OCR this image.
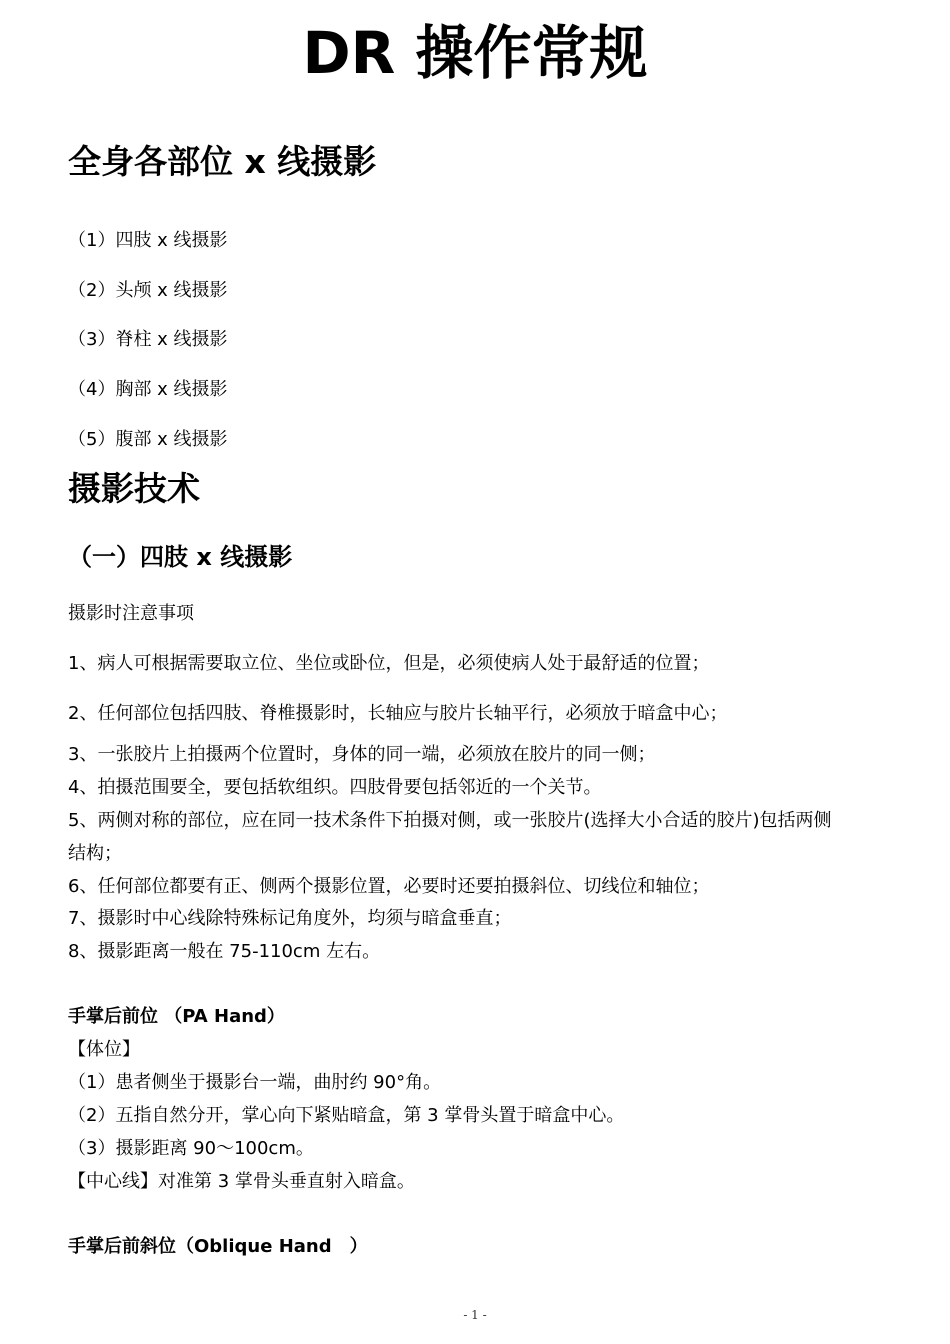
DR 操作常规
全身各部位 x 线摄影
（1）四肢 x 线摄影
（2）头颅 x 线摄影
（3）脊柱 x 线摄影
（4）胸部 x 线摄影
（5）腹部 x 线摄影
摄影技术
（一）四肢 x 线摄影
摄影时注意事项
1、病人可根据需要取立位、坐位或卧位，但是，必须使病人处于最舒适的位置；
2、任何部位包括四肢、脊椎摄影时，长轴应与胶片长轴平行，必须放于暗盒中心；
3、一张胶片上拍摄两个位置时，身体的同一端，必须放在胶片的同一侧；
4、拍摄范围要全，要包括软组织。四肢骨要包括邻近的一个关节。
5、两侧对称的部位，应在同一技术条件下拍摄对侧，或一张胶片(选择大小合适的胶片)包括两侧
结构；
6、任何部位都要有正、侧两个摄影位置，必要时还要拍摄斜位、切线位和轴位；
7、摄影时中心线除特殊标记角度外，均须与暗盒垂直；
8、摄影距离一般在 75-110cm 左右。
手掌后前位 （PA Hand）
【体位】
（1）患者侧坐于摄影台一端，曲肘约 90°角。
（2）五指自然分开，掌心向下紧贴暗盒，第 3 掌骨头置于暗盒中心。
（3）摄影距离 90～100cm。
【中心线】对准第 3 掌骨头垂直射入暗盒。
手掌后前斜位（Oblique Hand　）
- 1 -
